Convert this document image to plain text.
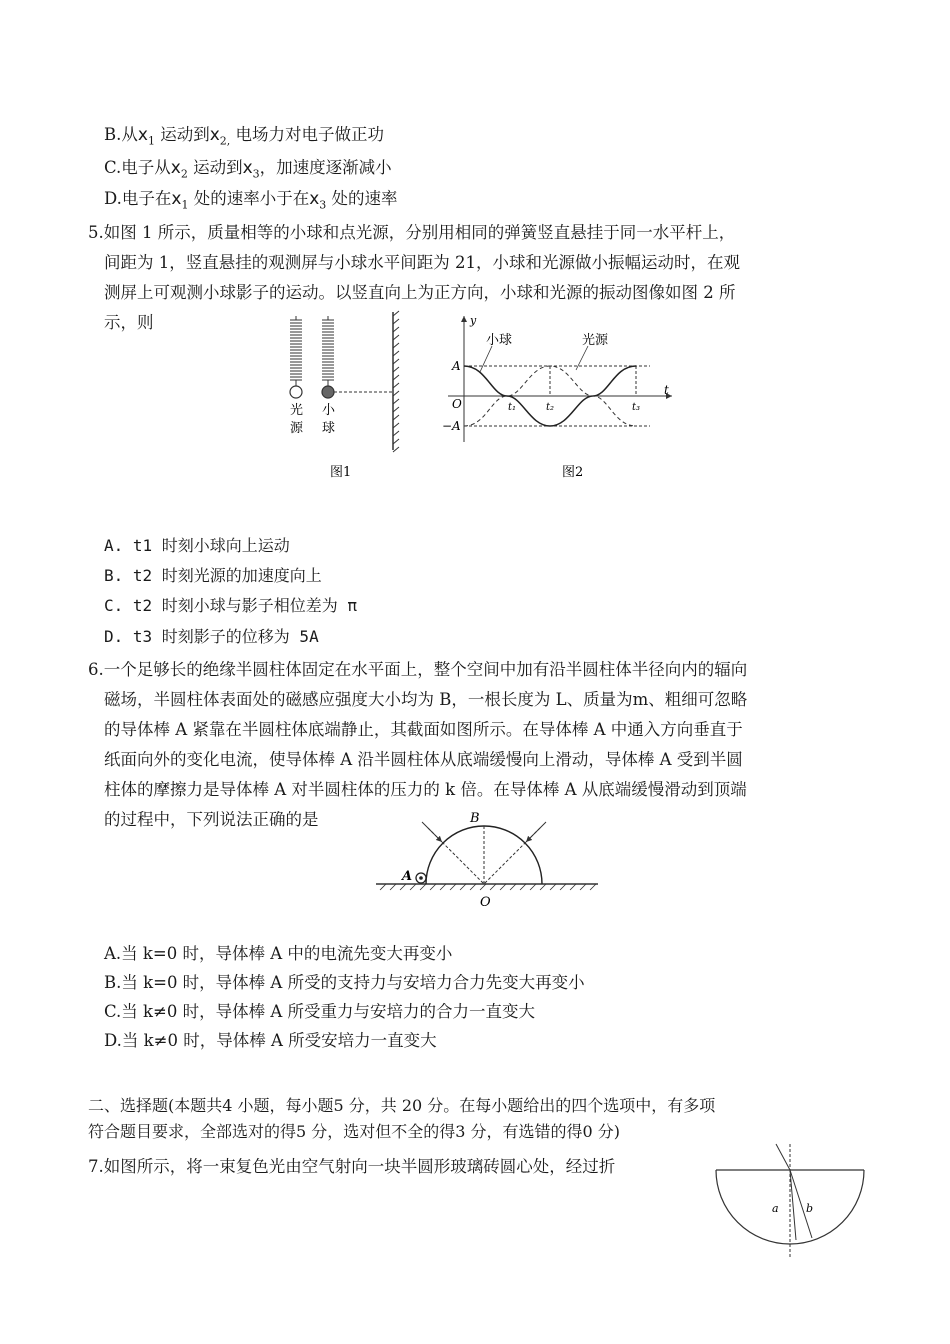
B.从$x_1$ 运动到$x_{2,}$ 电场力对电子做正功
C.电子从$x_2$ 运动到$x_3$，加速度逐渐减小
D.电子在$x_1$ 处的速率小于在$x_3$ 处的速率
5.如图 1 所示，质量相等的小球和点光源，分别用相同的弹簧竖直悬挂于同一水平杆上，
间距为 1，竖直悬挂的观测屏与小球水平间距为 21，小球和光源做小振幅运动时，在观
测屏上可观测小球影子的运动。以竖直向上为正方向，小球和光源的振动图像如图 2 所
示，则
光
源
小
球
图1
小球	光源
y
t
A
−A
O	t₁	t₂	t₃
图2
A. t1 时刻小球向上运动
B. t2 时刻光源的加速度向上
C. t2 时刻小球与影子相位差为 π
D. t3 时刻影子的位移为 5A
6.一个足够长的绝缘半圆柱体固定在水平面上，整个空间中加有沿半圆柱体半径向内的辐向
磁场，半圆柱体表面处的磁感应强度大小均为 B，一根长度为 L、质量为m、粗细可忽略
的导体棒 A 紧靠在半圆柱体底端静止，其截面如图所示。在导体棒 A 中通入方向垂直于
纸面向外的变化电流，使导体棒 A 沿半圆柱体从底端缓慢向上滑动，导体棒 A 受到半圆
柱体的摩擦力是导体棒 A 对半圆柱体的压力的 k 倍。在导体棒 A 从底端缓慢滑动到顶端
的过程中，下列说法正确的是
A
B
O
A.当 k=0 时，导体棒 A 中的电流先变大再变小
B.当 k=0 时，导体棒 A 所受的支持力与安培力合力先变大再变小
C.当 k≠0 时，导体棒 A 所受重力与安培力的合力一直变大
D.当 k≠0 时，导体棒 A 所受安培力一直变大
二、选择题(本题共4 小题，每小题5 分，共 20 分。在每小题给出的四个选项中，有多项
符合题目要求，全部选对的得5 分，选对但不全的得3 分，有选错的得0 分)
7.如图所示，将一束复色光由空气射向一块半圆形玻璃砖圆心处，经过折
a b
